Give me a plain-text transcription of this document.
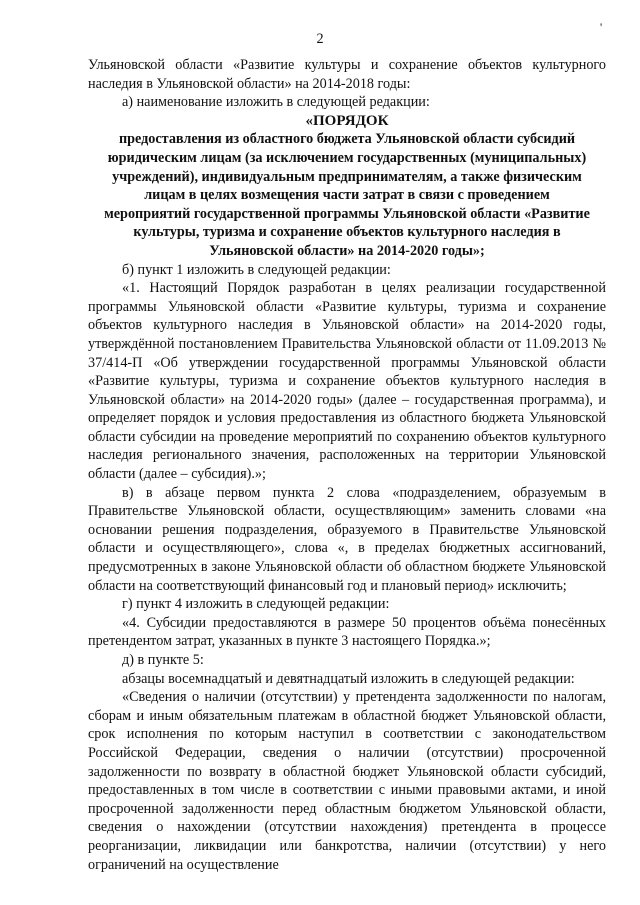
2
'

Ульяновской области «Развитие культуры и сохранение объектов культурного наследия в Ульяновской области» на 2014-2018 годы:

а) наименование изложить в следующей редакции:

«ПОРЯДОК

предоставления из областного бюджета Ульяновской области субсидий юридическим лицам (за исключением государственных (муниципальных) учреждений), индивидуальным предпринимателям, а также физическим лицам в целях возмещения части затрат в связи с проведением мероприятий государственной программы Ульяновской области «Развитие культуры, туризма и сохранение объектов культурного наследия в Ульяновской области» на 2014-2020 годы»;

б) пункт 1 изложить в следующей редакции:

«1. Настоящий Порядок разработан в целях реализации государственной программы Ульяновской области «Развитие культуры, туризма и сохранение объектов культурного наследия в Ульяновской области» на 2014-2020 годы, утверждённой постановлением Правительства Ульяновской области от 11.09.2013 № 37/414-П «Об утверждении государственной программы Ульяновской области «Развитие культуры, туризма и сохранение объектов культурного наследия в Ульяновской области» на 2014-2020 годы» (далее – государственная программа), и определяет порядок и условия предоставления из областного бюджета Ульяновской области субсидии на проведение мероприятий по сохранению объектов культурного наследия регионального значения, расположенных на территории Ульяновской области (далее – субсидия).»;

в) в абзаце первом пункта 2 слова «подразделением, образуемым в Правительстве Ульяновской области, осуществляющим» заменить словами «на основании решения подразделения, образуемого в Правительстве Ульяновской области и осуществляющего», слова «, в пределах бюджетных ассигнований, предусмотренных в законе Ульяновской области об областном бюджете Ульяновской области на соответствующий финансовый год и плановый период» исключить;

г) пункт 4 изложить в следующей редакции:

«4. Субсидии предоставляются в размере 50 процентов объёма понесённых претендентом затрат, указанных в пункте 3 настоящего Порядка.»;

д) в пункте 5:

абзацы восемнадцатый и девятнадцатый изложить в следующей редакции:

«Сведения о наличии (отсутствии) у претендента задолженности по налогам, сборам и иным обязательным платежам в областной бюджет Ульяновской области, срок исполнения по которым наступил в соответствии с законодательством Российской Федерации, сведения о наличии (отсутствии) просроченной задолженности по возврату в областной бюджет Ульяновской области субсидий, предоставленных в том числе в соответствии с иными правовыми актами, и иной просроченной задолженности перед областным бюджетом Ульяновской области, сведения о нахождении (отсутствии нахождения) претендента в процессе реорганизации, ликвидации или банкротства, наличии (отсутствии) у него ограничений на осуществление
